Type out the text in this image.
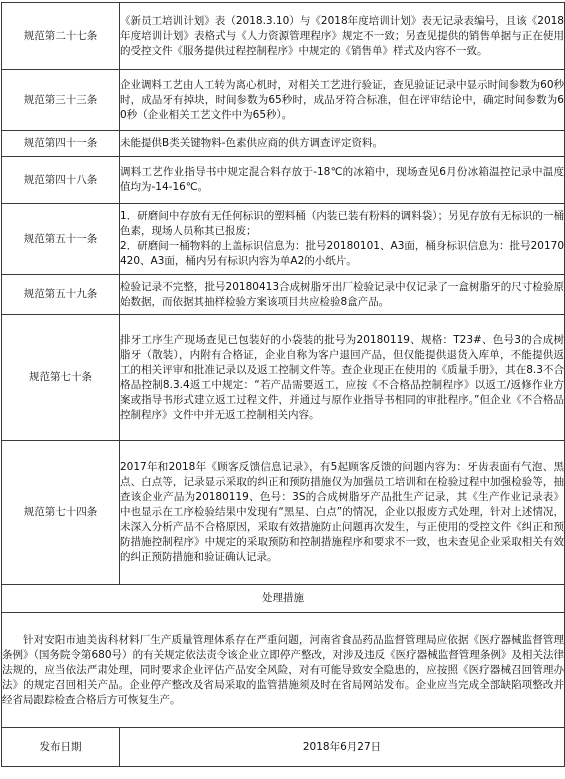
规范第二十七条	《新员工培训计划》表（2018.3.10）与《2018年度培训计划》表无记录表编号，且该《2018年度培训计划》表格式与《人力资源管理程序》规定不一致；另查见提供的销售单据与正在使用的受控文件《服务提供过程控制程序》中规定的《销售单》样式及内容不一致。

规范第三十三条	企业调料工艺由人工转为离心机时，对相关工艺进行验证，查见验证记录中显示时间参数为60秒时，成品牙有掉块，时间参数为65秒时，成品牙符合标准，但在评审结论中，确定时间参数为60秒（企业相关工艺文件中为65秒）。

规范第四十一条	未能提供B类关键物料-色素供应商的供方调查评定资料。

规范第四十八条	调料工艺作业指导书中规定混合料存放于-18℃的冰箱中，现场查见6月份冰箱温控记录中温度值均为-14-16℃。

规范第五十一条	1．研磨间中存放有无任何标识的塑料桶（内装已装有粉料的调料袋）；另见存放有无标识的一桶色素，现场人员称其已报废；
2．研磨间一桶物料的上盖标识信息为：批号20180101、A3面，桶身标识信息为：批号20170420、A3面，桶内另有标识内容为单A2的小纸片。

规范第五十九条	检验记录不完整，批号20180413合成树脂牙出厂检验记录中仅记录了一盒树脂牙的尺寸检验原始数据，而依据其抽样检验方案该项目共应检验8盒产品。

规范第七十条	排牙工序生产现场查见已包装好的小袋装的批号为20180119、规格：T23#、色号3的合成树脂牙（散装），内附有合格证，企业自称为客户退回产品，但仅能提供退货入库单，不能提供返工的相关评审和批准记录以及返工控制文件等。查企业现正在使用的《质量手册》，其在8.3不合格品控制8.3.4返工中规定：“若产品需要返工，应按《不合格品控制程序》以返工/返修作业方案或指导书形式建立返工过程文件，并通过与原作业指导书相同的审批程序。”但企业《不合格品控制程序》文件中并无返工控制相关内容。

规范第七十四条	2017年和2018年《顾客反馈信息记录》，有5起顾客反馈的问题内容为：牙齿表面有气泡、黑点、白点等，记录显示采取的纠正和预防措施仅为加强员工培训和在检验过程中加强检验等，抽查该企业产品为20180119、色号：3S的合成树脂牙产品批生产记录，其《生产作业记录表》中也显示在工序检验结果中发现有“黑星、白点”的情况，企业以报废方式处理，针对上述情况，未深入分析产品不合格原因，采取有效措施防止问题再次发生，与正使用的受控文件《纠正和预防措施控制程序》中规定的采取预防和控制措施程序和要求不一致，也未查见企业采取相关有效的纠正预防措施和验证确认记录。

处理措施	
针对安阳市迪美齿科材料厂生产质量管理体系存在严重问题，河南省食品药品监督管理局应依据《医疗器械监督管理条例》（国务院令第680号）的有关规定依法责令该企业立即停产整改，对涉及违反《医疗器械监督管理条例》及相关法律法规的，应当依法严肃处理，同时要求企业评估产品安全风险，对有可能导致安全隐患的，应按照《医疗器械召回管理办法》的规定召回相关产品。企业停产整改及省局采取的监管措施须及时在省局网站发布。企业应当完成全部缺陷项整改并经省局跟踪检查合格后方可恢复生产。	
发布日期	2018年6月27日
